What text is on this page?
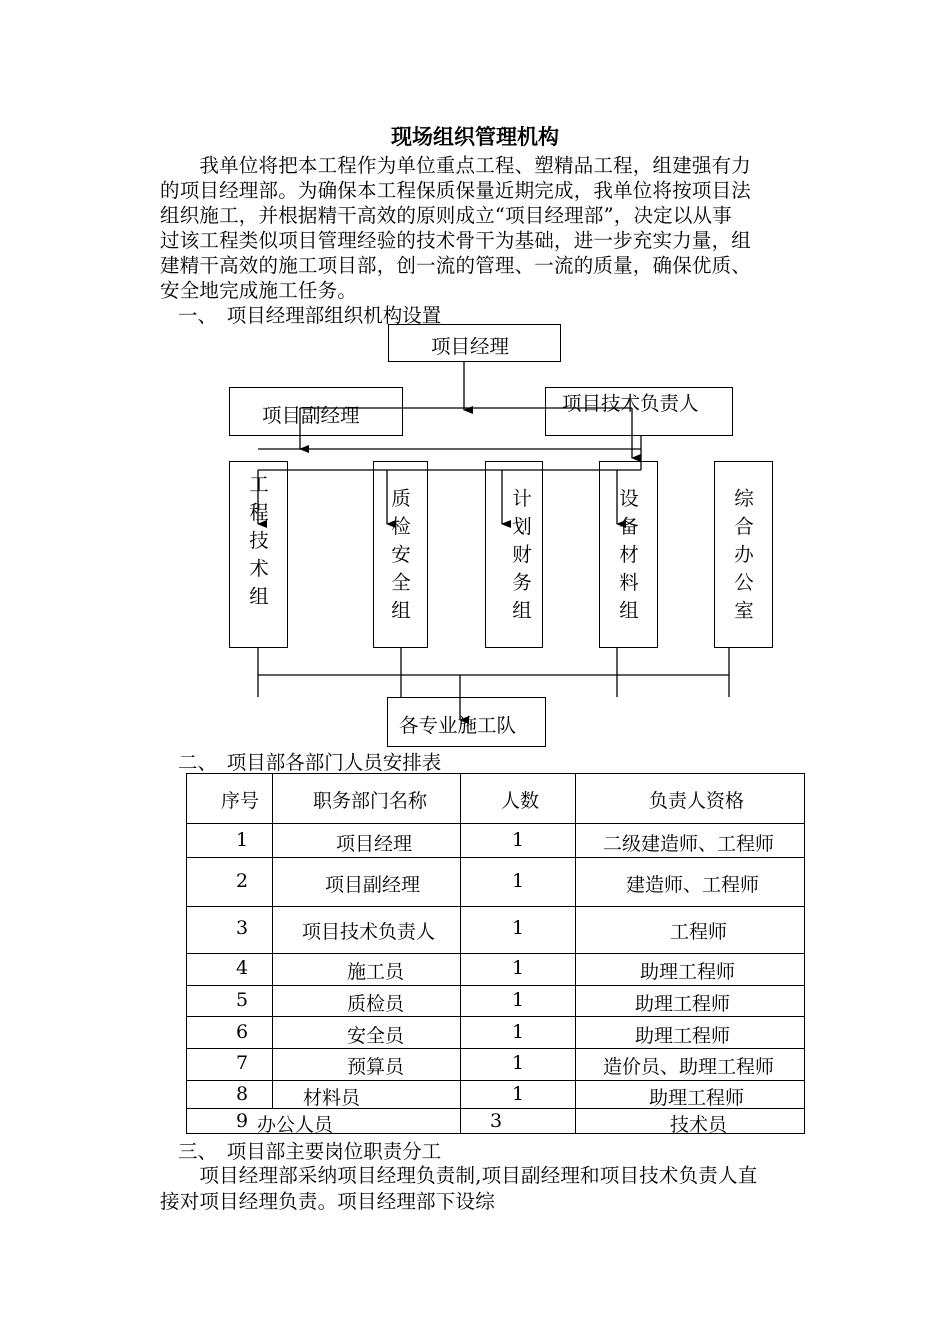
现场组织管理机构
　　我单位将把本工程作为单位重点工程、塑精品工程，组建强有力
的项目经理部。为确保本工程保质保量近期完成，我单位将按项目法
组织施工，并根据精干高效的原则成立“项目经理部”，决定以从事
过该工程类似项目管理经验的技术骨干为基础，进一步充实力量，组
建精干高效的施工项目部，创一流的管理、一流的质量，确保优质、
安全地完成施工任务。
一、　项目经理部组织机构设置
项目经理
项目副经理
项目技术负责人
工程技术组
质检安全组
计划财务组
设备材料组
综合办公室
各专业施工队
二、　项目部各部门人员安排表
序号	职务部门名称	人数	负责人资格
1	项目经理	1	二级建造师、工程师
2	项目副经理	1	建造师、工程师
3	项目技术负责人	1	工程师
4	施工员	1	助理工程师
5	质检员	1	助理工程师
6	安全员	1	助理工程师
7	预算员	1	造价员、助理工程师
8	材料员	1	助理工程师
9 办公人员	3	技术员
三、　项目部主要岗位职责分工
　　项目经理部采纳项目经理负责制,项目副经理和项目技术负责人直
接对项目经理负责。项目经理部下设综
